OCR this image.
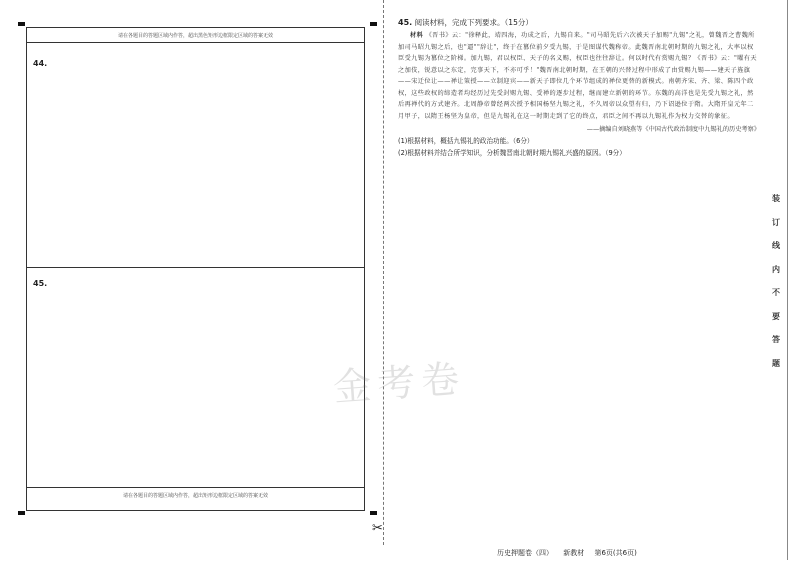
请在各题目的答题区域内作答，超出黑色矩形边框限定区域的答案无效
44.
45.
请在各题目的答题区域内作答，超出矩形边框限定区域的答案无效
✂
45. 阅读材料，完成下列要求。（15分）
材料 《晋书》云："徐释此，靖四海，功成之后，九锡自来。"司马昭先后六次被天子加赐"九锡"之礼，曾魏晋之曹魏所加司马昭九锡之后，也"逼""辞让"，终于在篡位前夕受九锡，于是图谋代魏称帝。此魏晋南北朝时期的九锡之礼，大率以权臣受九锡为篡位之阶梯。加九锡，君以权臣、天子的名义赐，权臣也往往辞让。何以时代有赏赐九锡？《晋书》云："曜有天之加伎，锐意以之东定，完事天下，不亦可乎！"魏晋南北朝时期，在王朝的兴替过程中形成了由赏赐九锡——建天子旌旗——宋迁位让——禅让策授——立制迎宾——新天子即位几个环节组成的禅位更替的新模式。南朝齐宋、齐、梁、陈四个政权，这些政权的缔造者均经历过先受封赐九锡、受禅的逐步过程，继而建立新朝的环节。东魏的高洋也是先受九锡之礼，然后再禅代的方式建齐。北周静帝曾经两次授予相国杨坚九锡之礼，不久周帝以众望有归，乃下诏逊位于隋。大隋开皇元年二月甲子，以隋王杨坚为皇帝，但是九锡礼在这一时期走到了它的终点，君臣之间不再以九锡礼作为权力交替的象征。
——摘编自刘晓燕等《中国古代政治制度中九锡礼的历史考察》
(1)根据材料，概括九锡礼的政治功能。（6分）
(2)根据材料并结合所学知识，分析魏晋南北朝时期九锡礼兴盛的原因。（9分）
装
订
线
内
不
要
答
题
金考卷
历史押题卷（四） 新教材 第6页(共6页)
